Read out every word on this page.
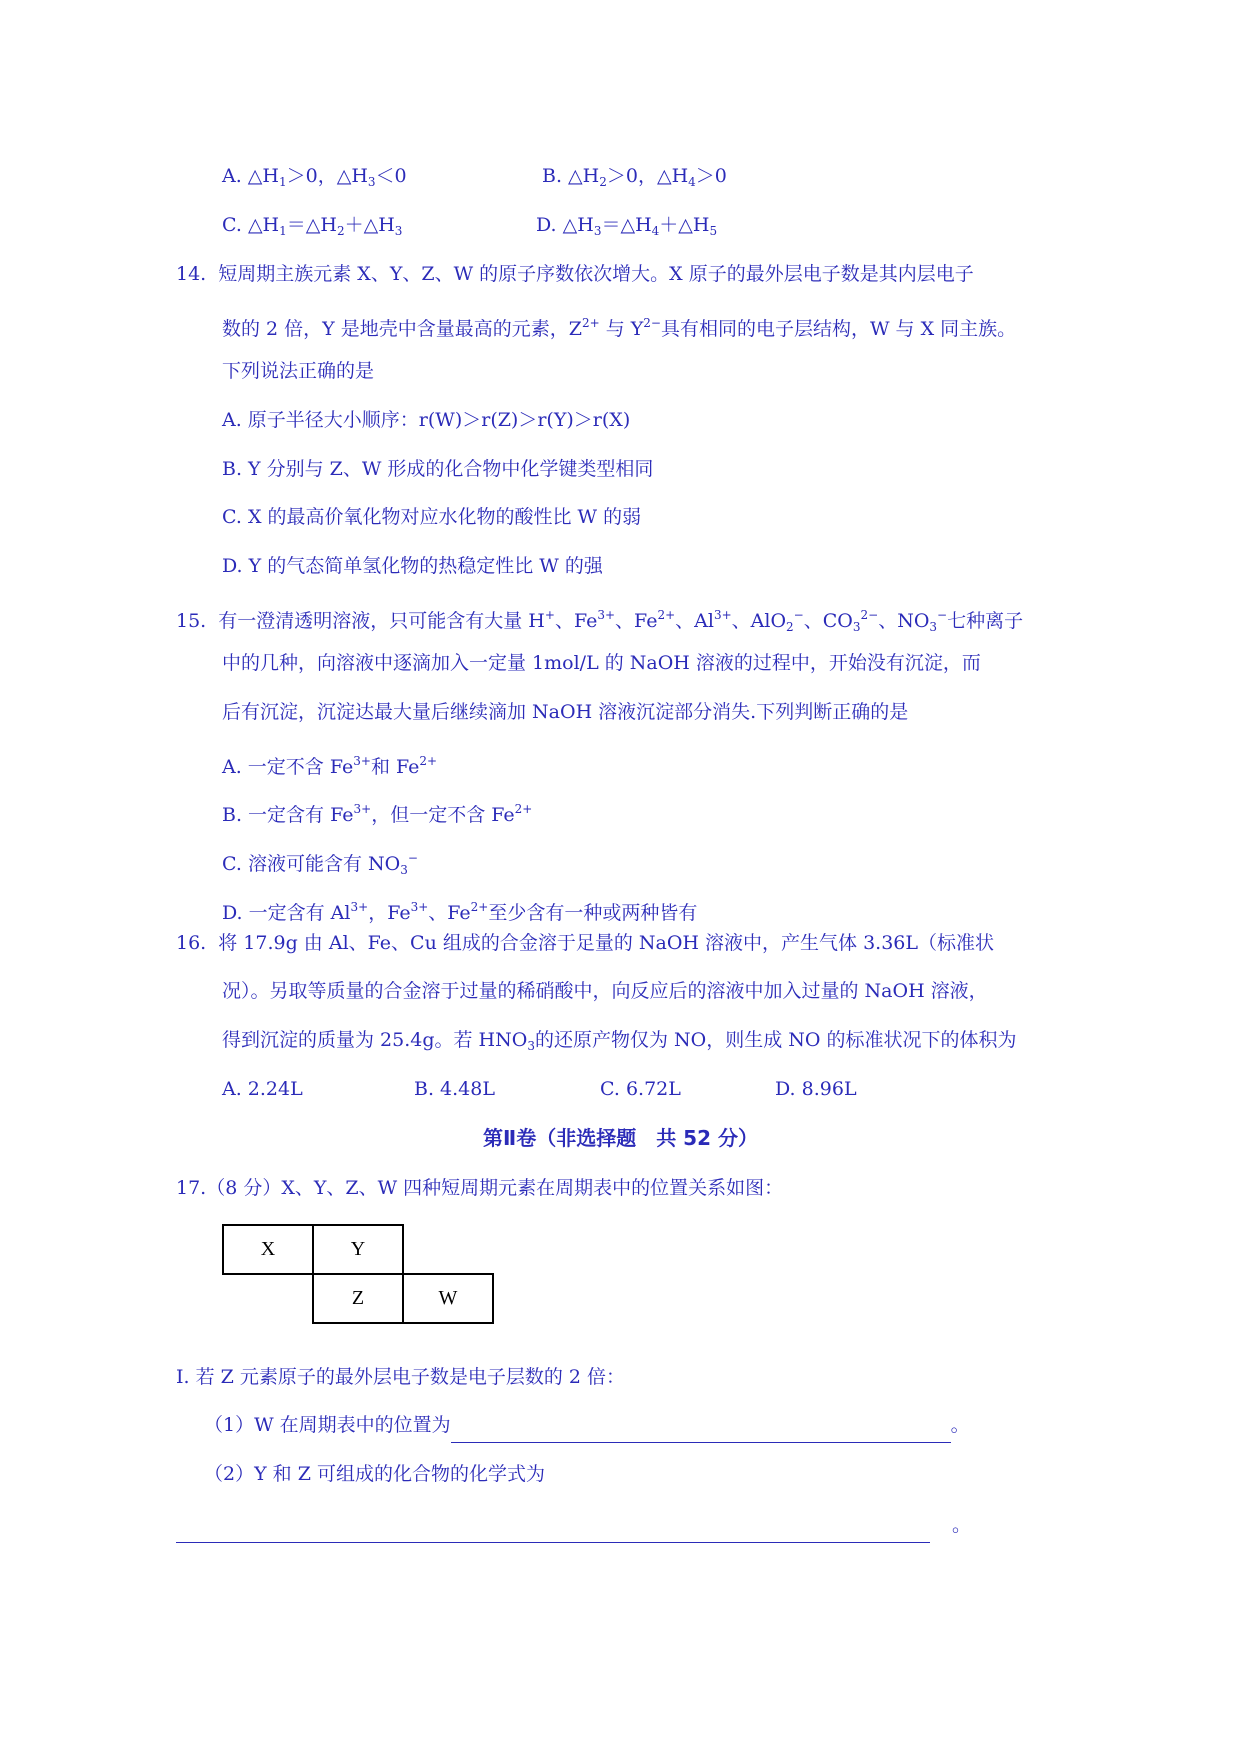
A. $\triangle H_1>0$，$\triangle H_3<0$	B. $\triangle H_2>0$，$\triangle H_4>0$
C. $\triangle H_1=\triangle H_2+\triangle H_3$	D. $\triangle H_3=\triangle H_4+\triangle H_5$
14. 短周期主族元素 X、Y、Z、W 的原子序数依次增大。X 原子的最外层电子数是其内层电子
数的 2 倍，Y 是地壳中含量最高的元素，$Z^{2+}$ 与 $Y^{2-}$具有相同的电子层结构，W 与 X 同主族。
下列说法正确的是
A. 原子半径大小顺序：r(W)＞r(Z)＞r(Y)＞r(X)
B. Y 分别与 Z、W 形成的化合物中化学键类型相同
C. X 的最高价氧化物对应水化物的酸性比 W 的弱
D. Y 的气态简单氢化物的热稳定性比 W 的强
15. 有一澄清透明溶液，只可能含有大量 H+、$Fe^{3+}$、$Fe^{2+}$、$Al^{3+}$、AlO$_2$−、$CO_3^{2-}$、$NO_3^-$七种离子
中的几种，向溶液中逐滴加入一定量 1mol/L 的 NaOH 溶液的过程中，开始没有沉淀，而
后有沉淀，沉淀达最大量后继续滴加 NaOH 溶液沉淀部分消失.下列判断正确的是
A. 一定不含 $Fe^{3+}$和 $Fe^{2+}$
B. 一定含有 $Fe^{3+}$，但一定不含 $Fe^{2+}$
C. 溶液可能含有 $NO_3^-$
D. 一定含有 $Al^{3+}$，$Fe^{3+}$、$Fe^{2+}$至少含有一种或两种皆有
16. 将 17.9g 由 Al、Fe、Cu 组成的合金溶于足量的 NaOH 溶液中，产生气体 3.36L（标准状
况）。另取等质量的合金溶于过量的稀硝酸中，向反应后的溶液中加入过量的 NaOH 溶液，
得到沉淀的质量为 25.4g。若 $HNO_3$的还原产物仅为 NO，则生成 NO 的标准状况下的体积为
A. 2.24L	B. 4.48L	C. 6.72L	D. 8.96L
第Ⅱ卷（非选择题　共 52 分）
17.（8 分）X、Y、Z、W 四种短周期元素在周期表中的位置关系如图：
X	Y	
	Z	W
I. 若 Z 元素原子的最外层电子数是电子层数的 2 倍：
（1）W 在周期表中的位置为	。
（2）Y 和 Z 可组成的化合物的化学式为
。
